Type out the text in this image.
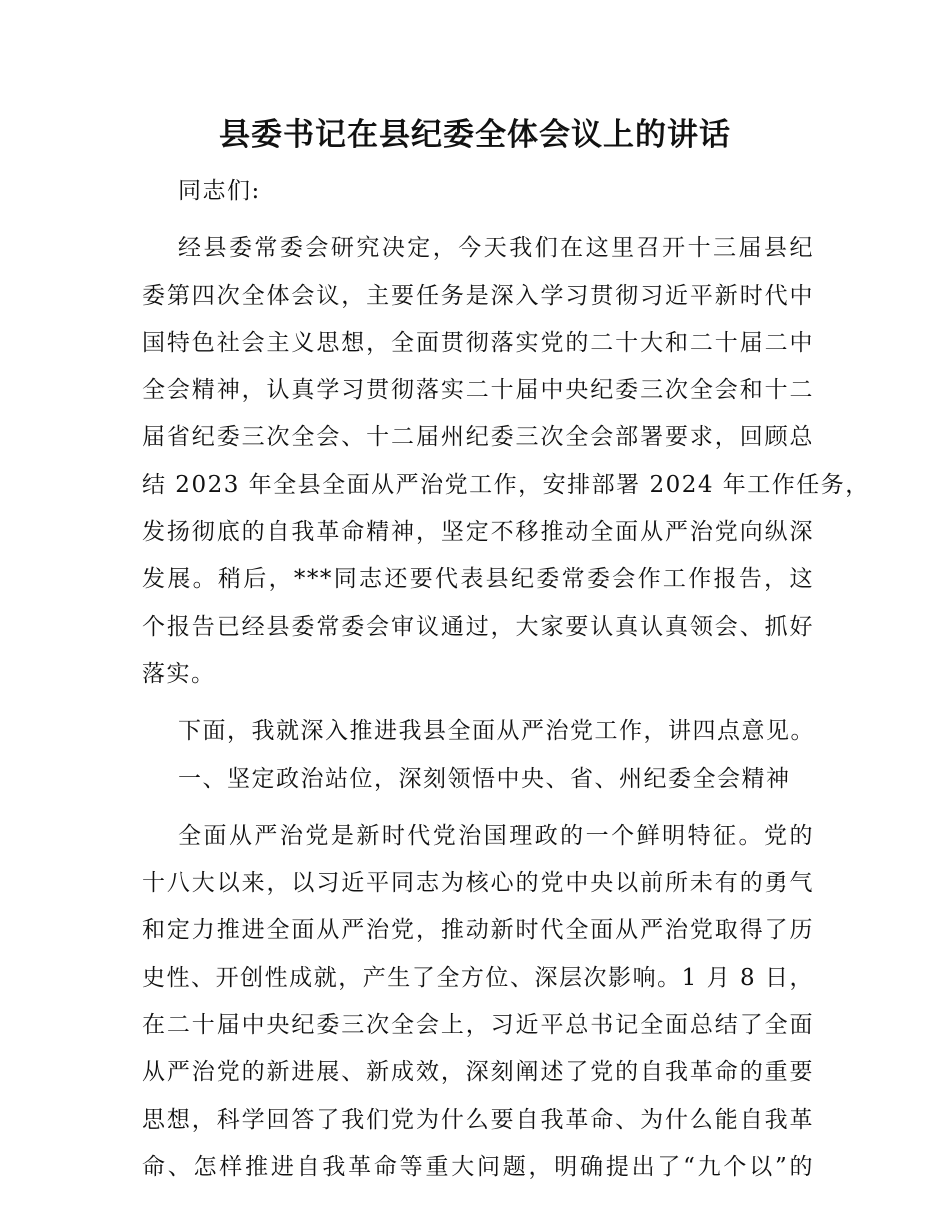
县委书记在县纪委全体会议上的讲话
同志们:
经县委常委会研究决定，今天我们在这里召开十三届县纪
委第四次全体会议，主要任务是深入学习贯彻习近平新时代中
国特色社会主义思想，全面贯彻落实党的二十大和二十届二中
全会精神，认真学习贯彻落实二十届中央纪委三次全会和十二
届省纪委三次全会、十二届州纪委三次全会部署要求，回顾总
结 2023 年全县全面从严治党工作，安排部署 2024 年工作任务，
发扬彻底的自我革命精神，坚定不移推动全面从严治党向纵深
发展。稍后，***同志还要代表县纪委常委会作工作报告，这
个报告已经县委常委会审议通过，大家要认真认真领会、抓好
落实。
下面，我就深入推进我县全面从严治党工作，讲四点意见。
一、坚定政治站位，深刻领悟中央、省、州纪委全会精神
全面从严治党是新时代党治国理政的一个鲜明特征。党的
十八大以来，以习近平同志为核心的党中央以前所未有的勇气
和定力推进全面从严治党，推动新时代全面从严治党取得了历
史性、开创性成就，产生了全方位、深层次影响。1 月 8 日，
在二十届中央纪委三次全会上，习近平总书记全面总结了全面
从严治党的新进展、新成效，深刻阐述了党的自我革命的重要
思想，科学回答了我们党为什么要自我革命、为什么能自我革
命、怎样推进自我革命等重大问题，明确提出了“九个以”的
